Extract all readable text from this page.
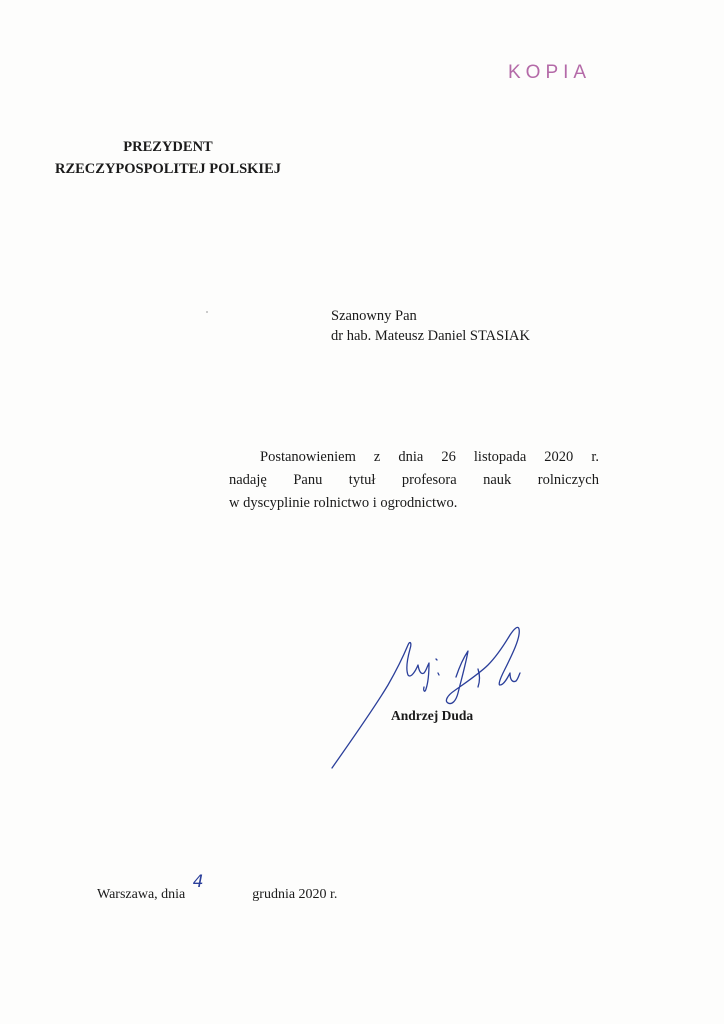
KOPIA
PREZYDENT
RZECZYPOSPOLITEJ POLSKIEJ
Szanowny Pan
dr hab. Mateusz Daniel STASIAK
Postanowieniem z dnia 26 listopada 2020 r.
nadaję Panu tytuł profesora nauk rolniczych
w dyscyplinie rolnictwo i ogrodnictwo.
Andrzej Duda
Warszawa, dnia
4
grudnia 2020 r.
